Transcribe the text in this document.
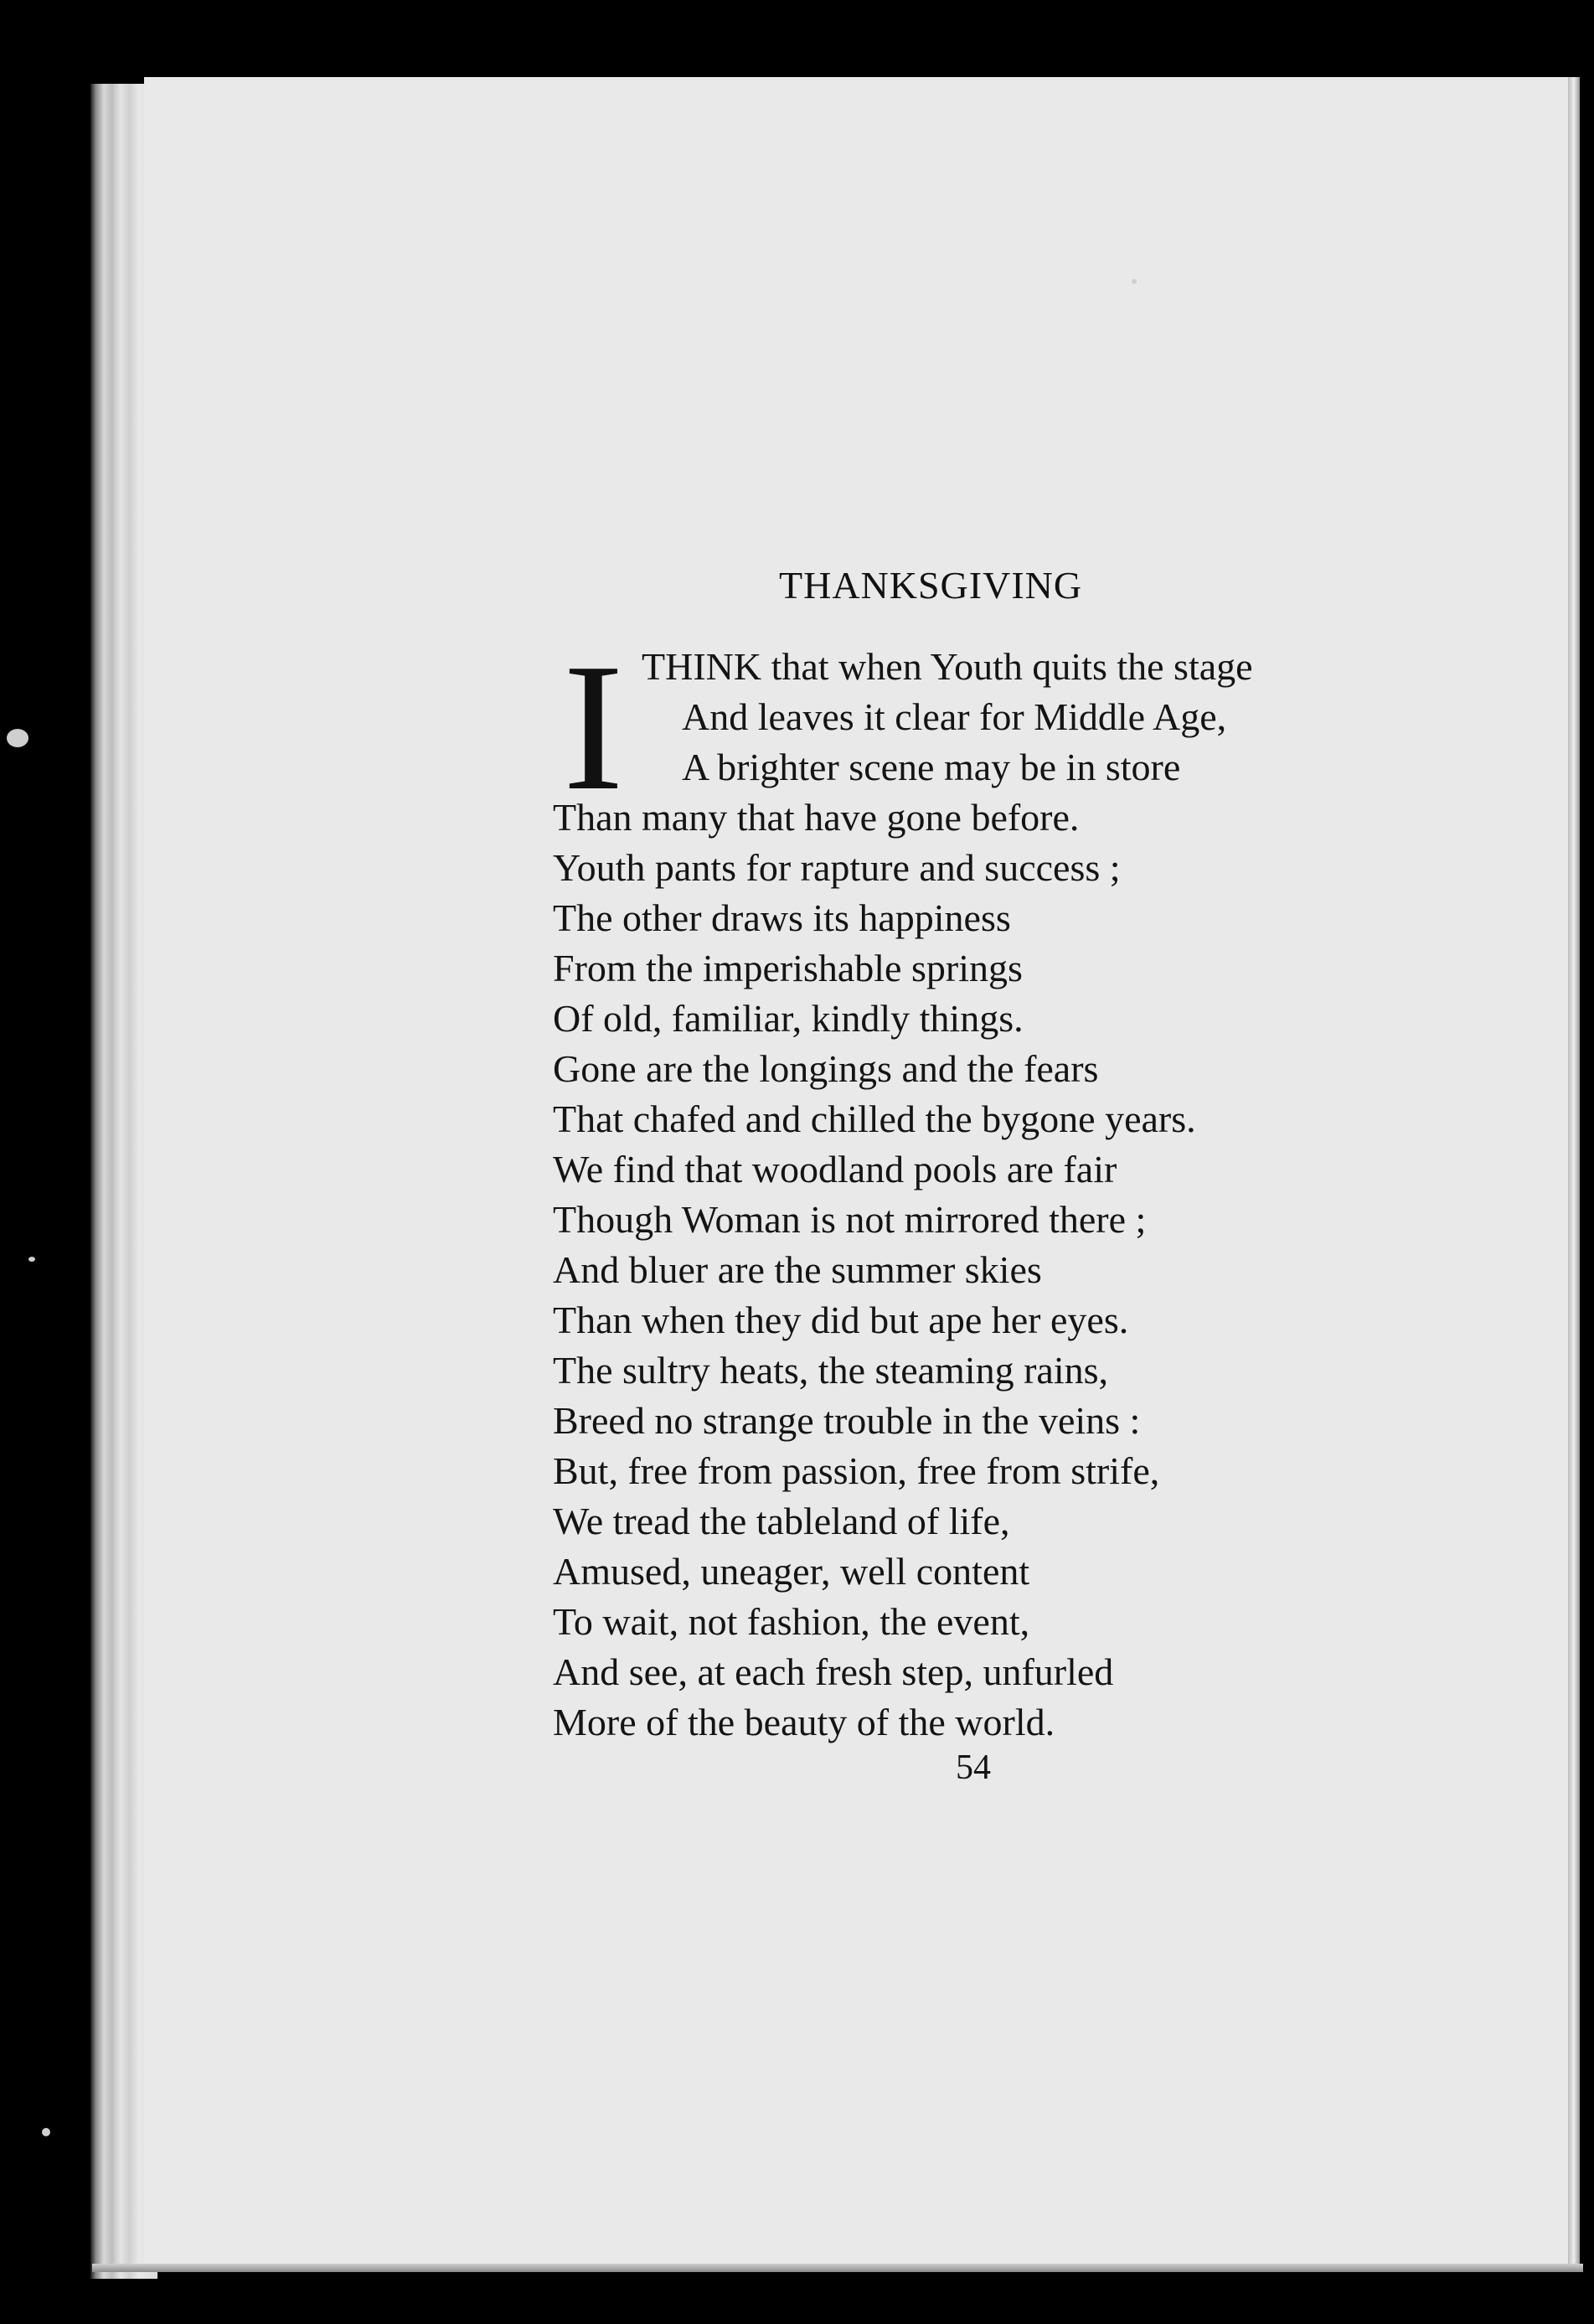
THANKSGIVING
I THINK that when Youth quits the stage
And leaves it clear for Middle Age,
A brighter scene may be in store
Than many that have gone before.
Youth pants for rapture and success ;
The other draws its happiness
From the imperishable springs
Of old, familiar, kindly things.
Gone are the longings and the fears
That chafed and chilled the bygone years.
We find that woodland pools are fair
Though Woman is not mirrored there ;
And bluer are the summer skies
Than when they did but ape her eyes.
The sultry heats, the steaming rains,
Breed no strange trouble in the veins :
But, free from passion, free from strife,
We tread the tableland of life,
Amused, uneager, well content
To wait, not fashion, the event,
And see, at each fresh step, unfurled
More of the beauty of the world.
54
